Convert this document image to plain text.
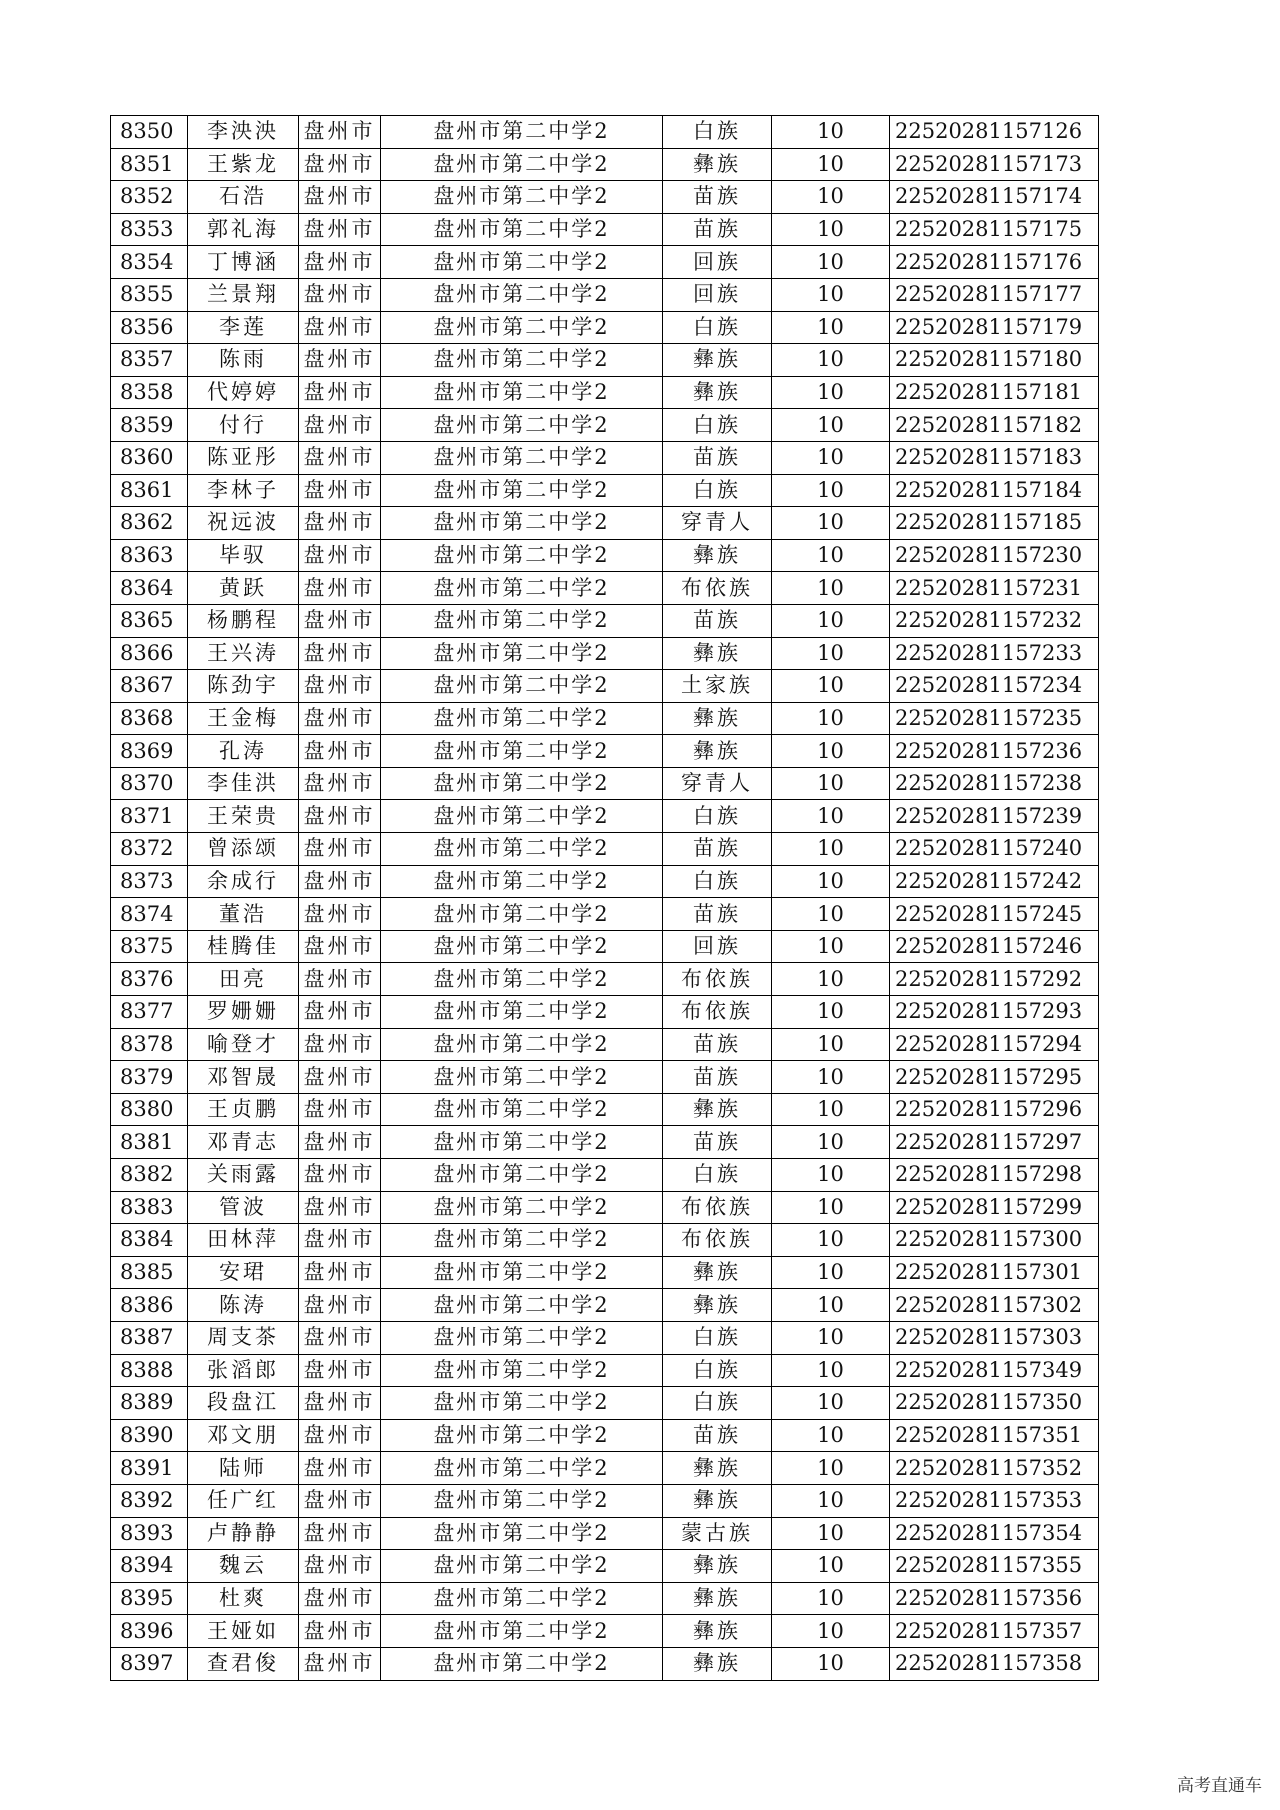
8350	李泱泱	盘州市	盘州市第二中学2	白族	10	22520281157126
8351	王紫龙	盘州市	盘州市第二中学2	彝族	10	22520281157173
8352	石浩	盘州市	盘州市第二中学2	苗族	10	22520281157174
8353	郭礼海	盘州市	盘州市第二中学2	苗族	10	22520281157175
8354	丁博涵	盘州市	盘州市第二中学2	回族	10	22520281157176
8355	兰景翔	盘州市	盘州市第二中学2	回族	10	22520281157177
8356	李莲	盘州市	盘州市第二中学2	白族	10	22520281157179
8357	陈雨	盘州市	盘州市第二中学2	彝族	10	22520281157180
8358	代婷婷	盘州市	盘州市第二中学2	彝族	10	22520281157181
8359	付行	盘州市	盘州市第二中学2	白族	10	22520281157182
8360	陈亚彤	盘州市	盘州市第二中学2	苗族	10	22520281157183
8361	李林子	盘州市	盘州市第二中学2	白族	10	22520281157184
8362	祝远波	盘州市	盘州市第二中学2	穿青人	10	22520281157185
8363	毕驭	盘州市	盘州市第二中学2	彝族	10	22520281157230
8364	黄跃	盘州市	盘州市第二中学2	布依族	10	22520281157231
8365	杨鹏程	盘州市	盘州市第二中学2	苗族	10	22520281157232
8366	王兴涛	盘州市	盘州市第二中学2	彝族	10	22520281157233
8367	陈劲宇	盘州市	盘州市第二中学2	土家族	10	22520281157234
8368	王金梅	盘州市	盘州市第二中学2	彝族	10	22520281157235
8369	孔涛	盘州市	盘州市第二中学2	彝族	10	22520281157236
8370	李佳洪	盘州市	盘州市第二中学2	穿青人	10	22520281157238
8371	王荣贵	盘州市	盘州市第二中学2	白族	10	22520281157239
8372	曾添颂	盘州市	盘州市第二中学2	苗族	10	22520281157240
8373	余成行	盘州市	盘州市第二中学2	白族	10	22520281157242
8374	董浩	盘州市	盘州市第二中学2	苗族	10	22520281157245
8375	桂腾佳	盘州市	盘州市第二中学2	回族	10	22520281157246
8376	田亮	盘州市	盘州市第二中学2	布依族	10	22520281157292
8377	罗姗姗	盘州市	盘州市第二中学2	布依族	10	22520281157293
8378	喻登才	盘州市	盘州市第二中学2	苗族	10	22520281157294
8379	邓智晟	盘州市	盘州市第二中学2	苗族	10	22520281157295
8380	王贞鹏	盘州市	盘州市第二中学2	彝族	10	22520281157296
8381	邓青志	盘州市	盘州市第二中学2	苗族	10	22520281157297
8382	关雨露	盘州市	盘州市第二中学2	白族	10	22520281157298
8383	管波	盘州市	盘州市第二中学2	布依族	10	22520281157299
8384	田林萍	盘州市	盘州市第二中学2	布依族	10	22520281157300
8385	安珺	盘州市	盘州市第二中学2	彝族	10	22520281157301
8386	陈涛	盘州市	盘州市第二中学2	彝族	10	22520281157302
8387	周支茶	盘州市	盘州市第二中学2	白族	10	22520281157303
8388	张滔郎	盘州市	盘州市第二中学2	白族	10	22520281157349
8389	段盘江	盘州市	盘州市第二中学2	白族	10	22520281157350
8390	邓文朋	盘州市	盘州市第二中学2	苗族	10	22520281157351
8391	陆师	盘州市	盘州市第二中学2	彝族	10	22520281157352
8392	任广红	盘州市	盘州市第二中学2	彝族	10	22520281157353
8393	卢静静	盘州市	盘州市第二中学2	蒙古族	10	22520281157354
8394	魏云	盘州市	盘州市第二中学2	彝族	10	22520281157355
8395	杜爽	盘州市	盘州市第二中学2	彝族	10	22520281157356
8396	王娅如	盘州市	盘州市第二中学2	彝族	10	22520281157357
8397	查君俊	盘州市	盘州市第二中学2	彝族	10	22520281157358
高考直通车
